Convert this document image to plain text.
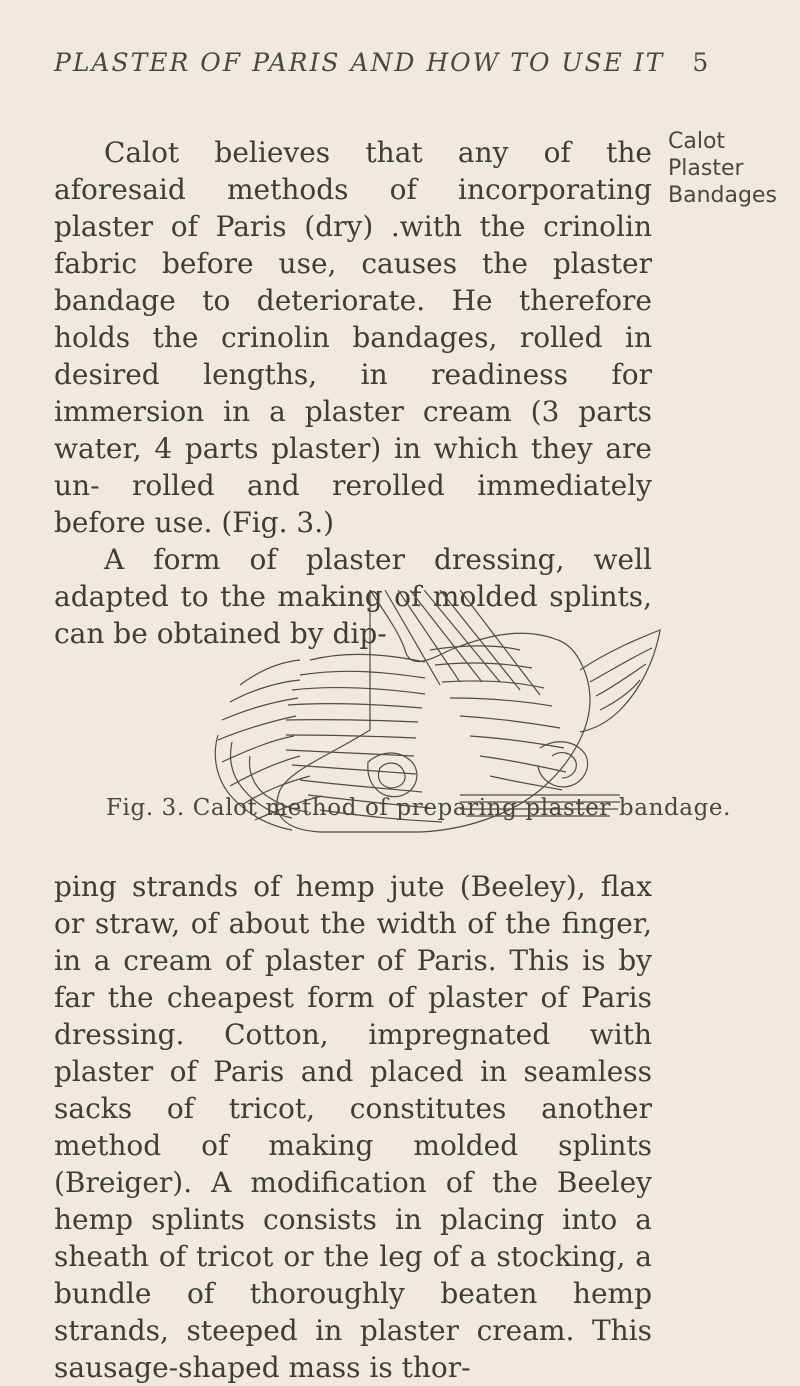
PLASTER OF PARIS AND HOW TO USE IT 5
Calot
Plaster
Bandages

Calot believes that any of the aforesaid methods of incorporating plaster of Paris (dry) .with the crinolin fabric before use, causes the plaster bandage to deteriorate. He therefore holds the crinolin bandages, rolled in desired lengths, in readiness for immersion in a plaster cream (3 parts water, 4 parts plaster) in which they are un- rolled and rerolled immediately before use. (Fig. 3.)

A form of plaster dressing, well adapted to the making of molded splints, can be obtained by dip-

Fig. 3. Calot method of preparing plaster bandage.

ping strands of hemp jute (Beeley), flax or straw, of about the width of the finger, in a cream of plaster of Paris. This is by far the cheapest form of plaster of Paris dressing. Cotton, impregnated with plaster of Paris and placed in seamless sacks of tricot, constitutes another method of making molded splints (Breiger). A modification of the Beeley hemp splints consists in placing into a sheath of tricot or the leg of a stocking, a bundle of thoroughly beaten hemp strands, steeped in plaster cream. This sausage-shaped mass is thor-
